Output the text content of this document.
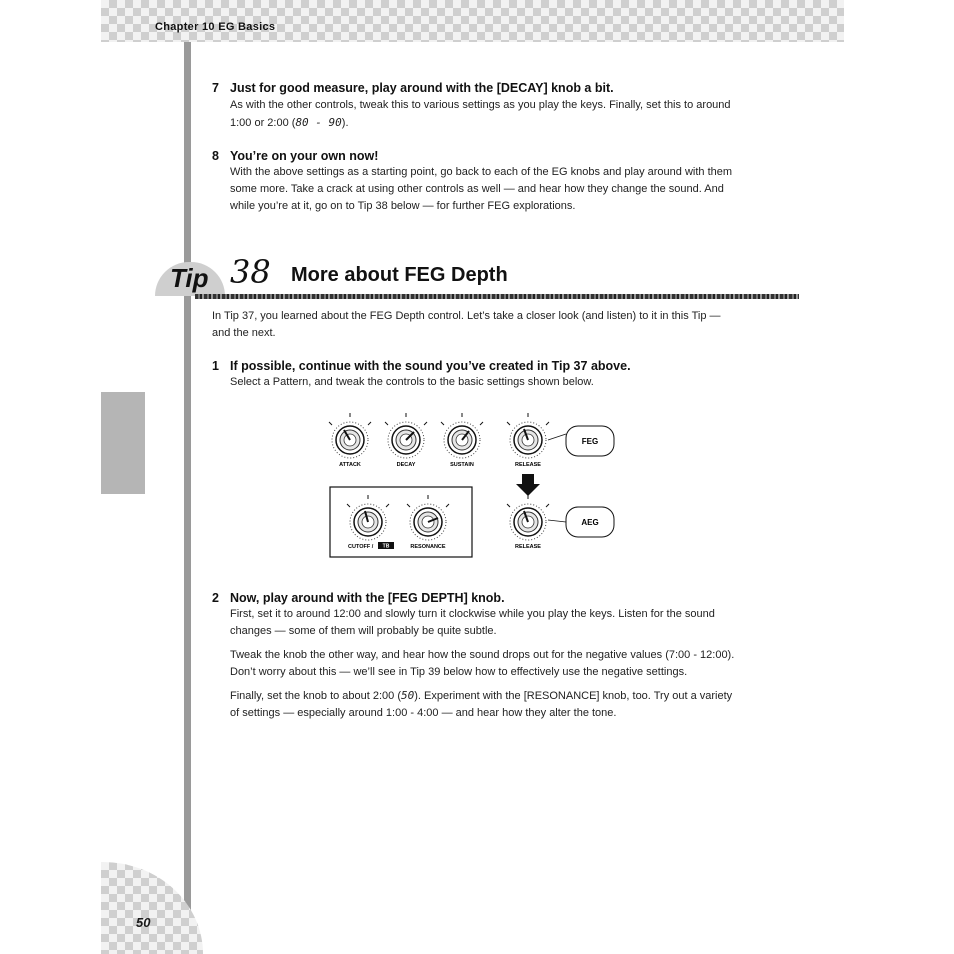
Chapter 10 EG Basics
50
7 Just for good measure, play around with the [DECAY] knob a bit.
As with the other controls, tweak this to various settings as you play the keys. Finally, set this to around
1:00 or 2:00 (80 - 90).
8 You’re on your own now!
With the above settings as a starting point, go back to each of the EG knobs and play around with them
some more. Take a crack at using other controls as well — and hear how they change the sound. And
while you’re at it, go on to Tip 38 below — for further FEG explorations.
Tip 38 More about FEG Depth
In Tip 37, you learned about the FEG Depth control. Let’s take a closer look (and listen) to it in this Tip —
and the next.
1 If possible, continue with the sound you’ve created in Tip 37 above.
Select a Pattern, and tweak the controls to the basic settings shown below.
ATTACK	DECAY	SUSTAIN	RELEASE
FEG
CUTOFF / TB	RESONANCE	RELEASE
AEG
2 Now, play around with the [FEG DEPTH] knob.
First, set it to around 12:00 and slowly turn it clockwise while you play the keys. Listen for the sound
changes — some of them will probably be quite subtle.
Tweak the knob the other way, and hear how the sound drops out for the negative values (7:00 - 12:00).
Don’t worry about this — we’ll see in Tip 39 below how to effectively use the negative settings.
Finally, set the knob to about 2:00 (50). Experiment with the [RESONANCE] knob, too. Try out a variety
of settings — especially around 1:00 - 4:00 — and hear how they alter the tone.
